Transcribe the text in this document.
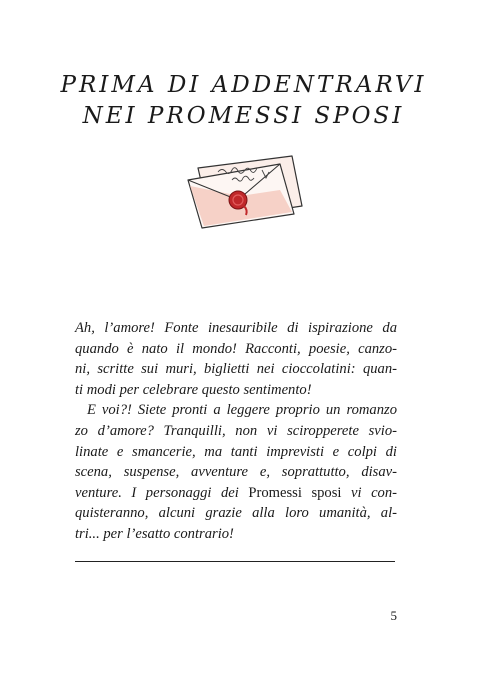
PRIMA DI ADDENTRARVI
NEI PROMESSI SPOSI

Ah, l’amore! Fonte inesauribile di ispirazione da
quando è nato il mondo! Racconti, poesie, canzo-
ni, scritte sui muri, biglietti nei cioccolatini: quan-
ti modi per celebrare questo sentimento!

E voi?! Siete pronti a leggere proprio un romanzo
zo d’amore? Tranquilli, non vi sciropperete svio-
linate e smancerie, ma tanti imprevisti e colpi di
scena, suspense, avventure e, soprattutto, disav-
venture. I personaggi dei Promessi sposi vi con-
quisteranno, alcuni grazie alla loro umanità, al-
tri... per l’esatto contrario!

5
